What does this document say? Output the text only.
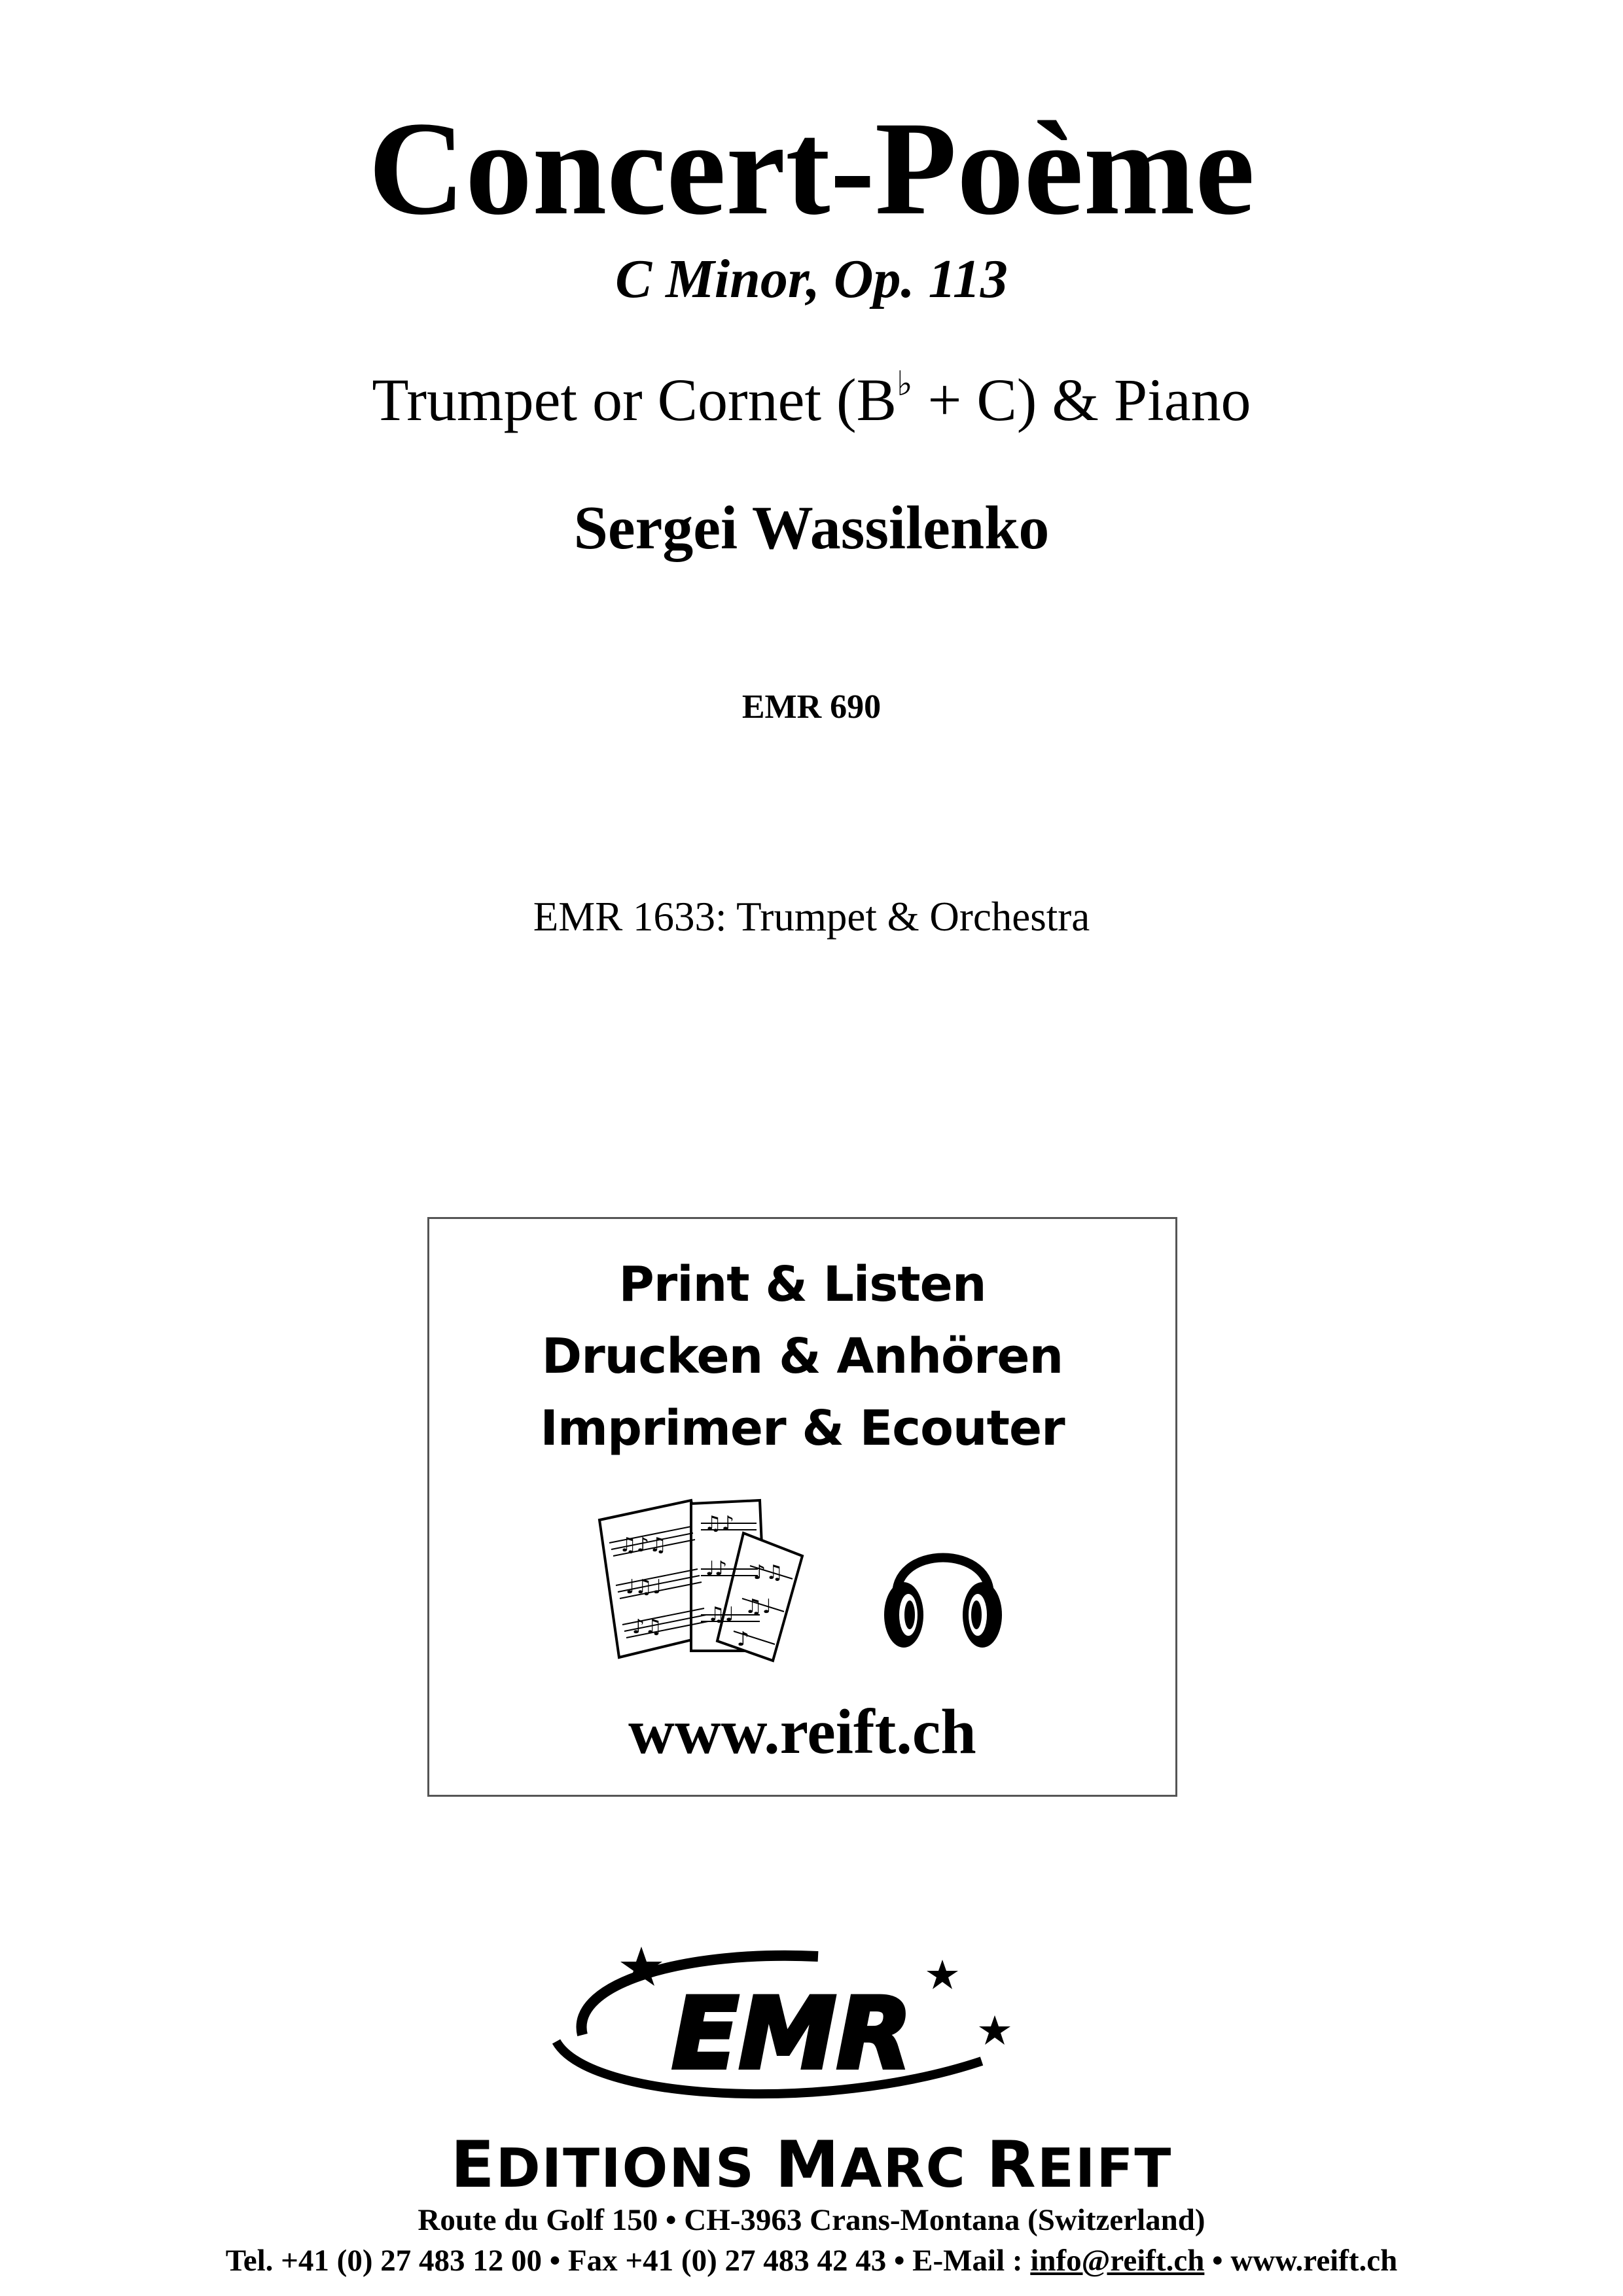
Concert-Poème
C Minor, Op. 113
Trumpet or Cornet (B♭ + C) & Piano
Sergei Wassilenko
EMR 690
EMR 1633: Trumpet & Orchestra
Print & Listen
Drucken & Anhören
Imprimer & Ecouter
♫♪♫
♩♫♩
♪♫
♫♪
♩♪
♫♩
♪♫
♫♩
♪
www.reift.ch
EMR
EDITIONS MARC REIFT
Route du Golf 150 • CH-3963 Crans-Montana (Switzerland)
Tel. +41 (0) 27 483 12 00 • Fax +41 (0) 27 483 42 43 • E-Mail : info@reift.ch • www.reift.ch
